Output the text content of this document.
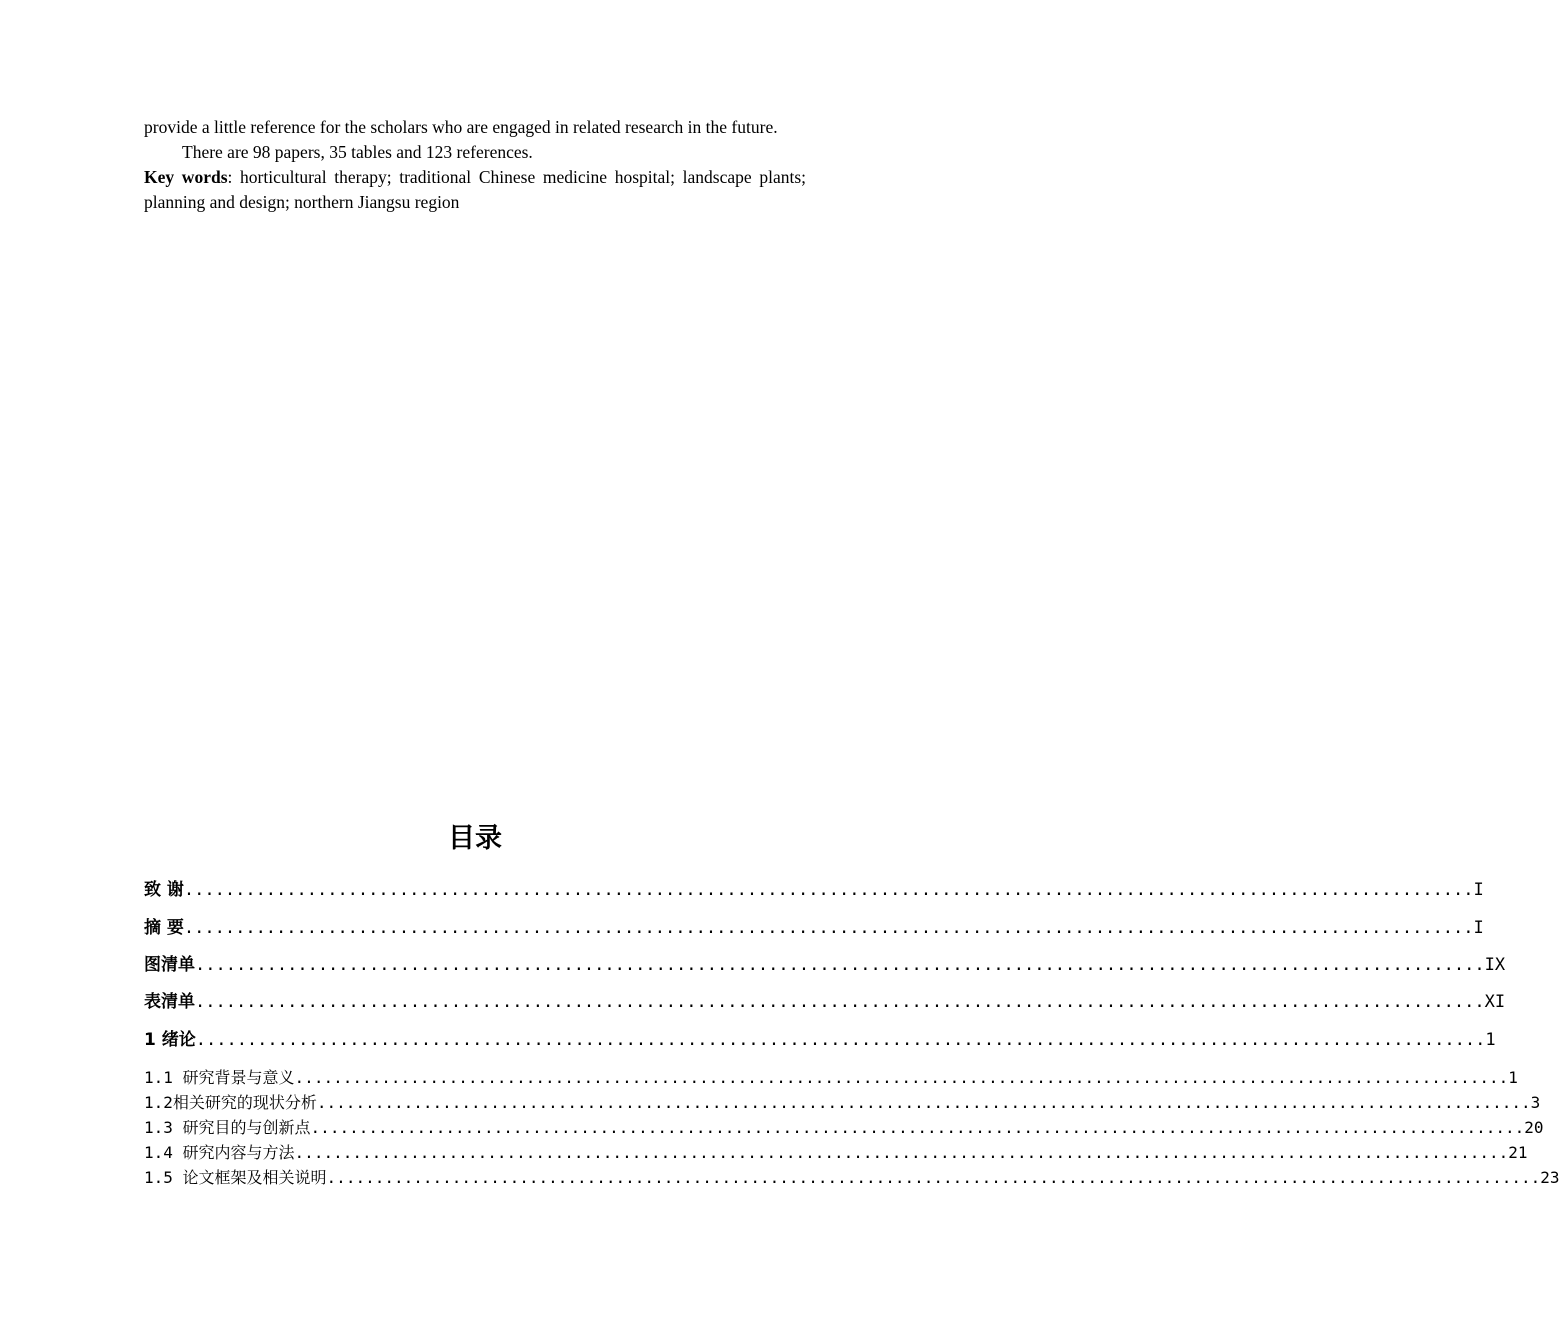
provide a little reference for the scholars who are engaged in related research in the future.

There are 98 papers, 35 tables and 123 references.

Key words: horticultural therapy; traditional Chinese medicine hospital; landscape plants; planning and design; northern Jiangsu region

目录
致 谢 .............................................................................................................................. I
摘 要 .............................................................................................................................. I
图清单 .............................................................................................................................. IX
表清单 .............................................................................................................................. XI
1 绪论 .............................................................................................................................. 1
1.1 研究背景与意义 .............................................................................................................................. 1
1.2相关研究的现状分析 .............................................................................................................................. 3
1.3 研究目的与创新点 .............................................................................................................................. 20
1.4 研究内容与方法 .............................................................................................................................. 21
1.5 论文框架及相关说明 .............................................................................................................................. 23
